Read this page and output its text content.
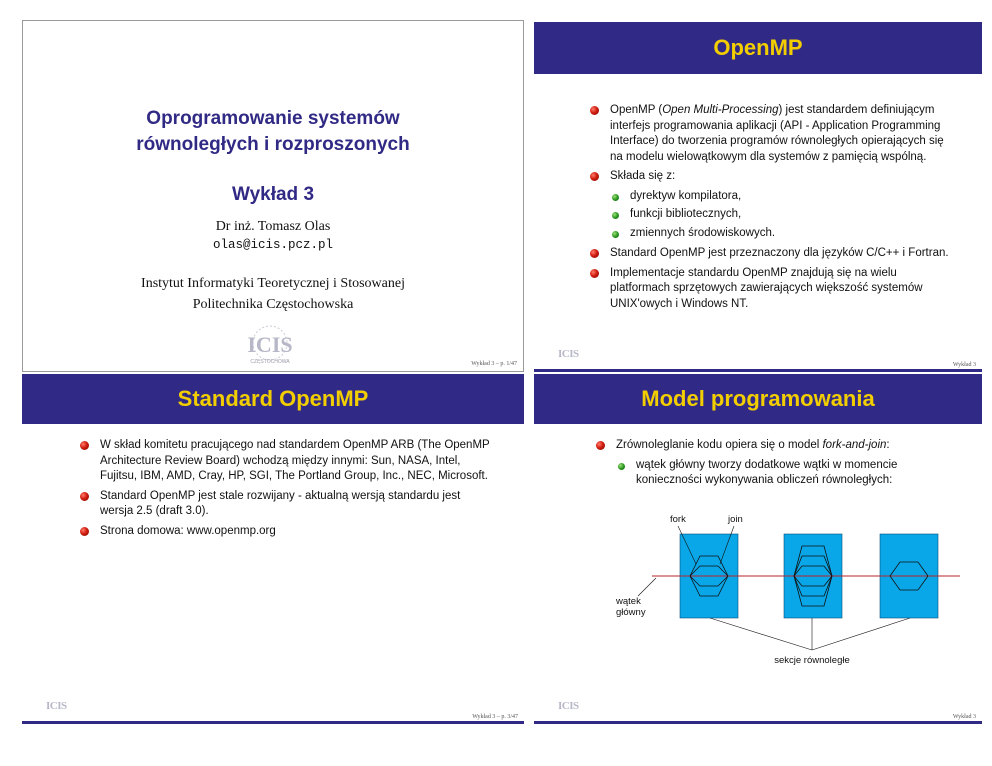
Oprogramowanie systemów
równoległych i rozproszonych
Wykład 3
Dr inż. Tomasz Olas
olas@icis.pcz.pl
Instytut Informatyki Teoretycznej i Stosowanej
Politechnika Częstochowska
ICIS
CZĘSTOCHOWA	Wykład 3 – p. 1/47
OpenMP
OpenMP (Open Multi-Processing) jest standardem definiującym interfejs programowania aplikacji (API - Application Programming Interface) do tworzenia programów równoległych opierających się na modelu wielowątkowym dla systemów z pamięcią wspólną.
Składa się z:
dyrektyw kompilatora,
funkcji bibliotecznych,
zmiennych środowiskowych.
Standard OpenMP jest przeznaczony dla języków C/C++ i Fortran.
Implementacje standardu OpenMP znajdują się na wielu platformach sprzętowych zawierających większość systemów UNIX'owych i Windows NT.
ICIS
Wykład 3
Standard OpenMP
W skład komitetu pracującego nad standardem OpenMP ARB (The OpenMP Architecture Review Board) wchodzą między innymi: Sun, NASA, Intel, Fujitsu, IBM, AMD, Cray, HP, SGI, The Portland Group, Inc., NEC, Microsoft.
Standard OpenMP jest stale rozwijany - aktualną wersją standardu jest wersja 2.5 (draft 3.0).
Strona domowa: www.openmp.org
ICIS
Wykład 3 – p. 3/47
Model programowania
Zrównoleglanie kodu opiera się o model fork-and-join:
wątek główny tworzy dodatkowe wątki w momencie konieczności wykonywania obliczeń równoległych:
fork	join
wątek
główny
sekcje równoległe
ICIS
Wykład 3
